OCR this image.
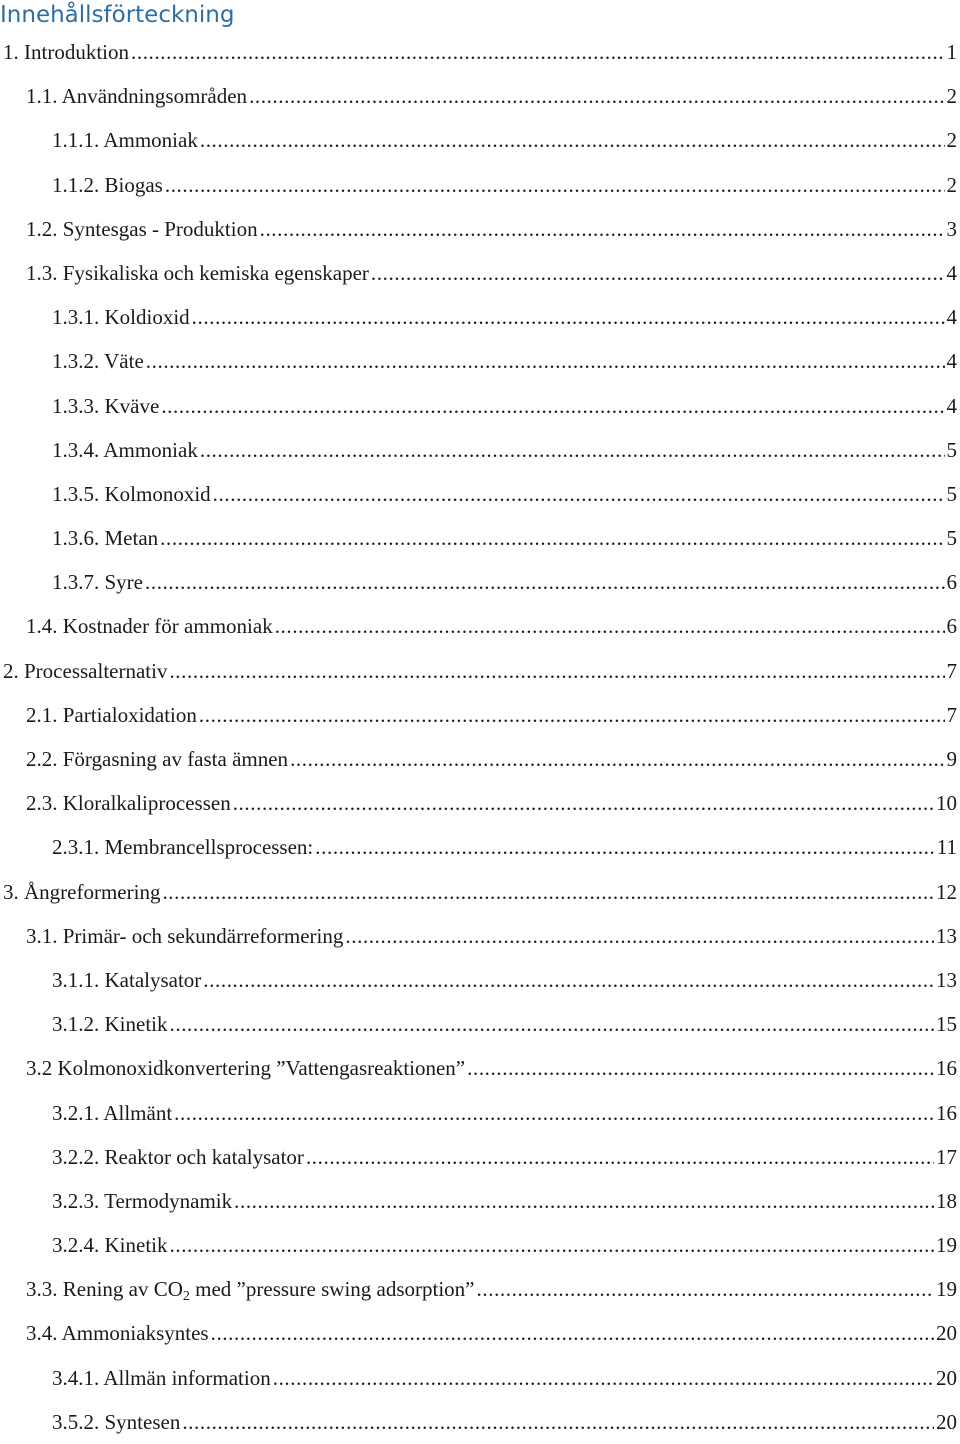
Innehållsförteckning
1. Introduktion .....	1
1.1. Användningsområden .....	2
1.1.1. Ammoniak .....	2
1.1.2. Biogas .....	2
1.2. Syntesgas - Produktion .....	3
1.3. Fysikaliska och kemiska egenskaper .....	4
1.3.1. Koldioxid .....	4
1.3.2. Väte .....	4
1.3.3. Kväve .....	4
1.3.4. Ammoniak .....	5
1.3.5. Kolmonoxid .....	5
1.3.6. Metan .....	5
1.3.7. Syre .....	6
1.4. Kostnader för ammoniak .....	6
2. Processalternativ .....	7
2.1. Partialoxidation .....	7
2.2. Förgasning av fasta ämnen .....	9
2.3. Kloralkaliprocessen .....	10
2.3.1. Membrancellsprocessen: .....	11
3. Ångreformering .....	12
3.1. Primär- och sekundärreformering .....	13
3.1.1. Katalysator .....	13
3.1.2. Kinetik .....	15
3.2 Kolmonoxidkonvertering ”Vattengasreaktionen” .....	16
3.2.1. Allmänt .....	16
3.2.2. Reaktor och katalysator .....	17
3.2.3. Termodynamik .....	18
3.2.4. Kinetik .....	19
3.3. Rening av $CO_2$ med ”pressure swing adsorption” .....	19
3.4. Ammoniaksyntes .....	20
3.4.1. Allmän information .....	20
3.5.2. Syntesen .....	20
